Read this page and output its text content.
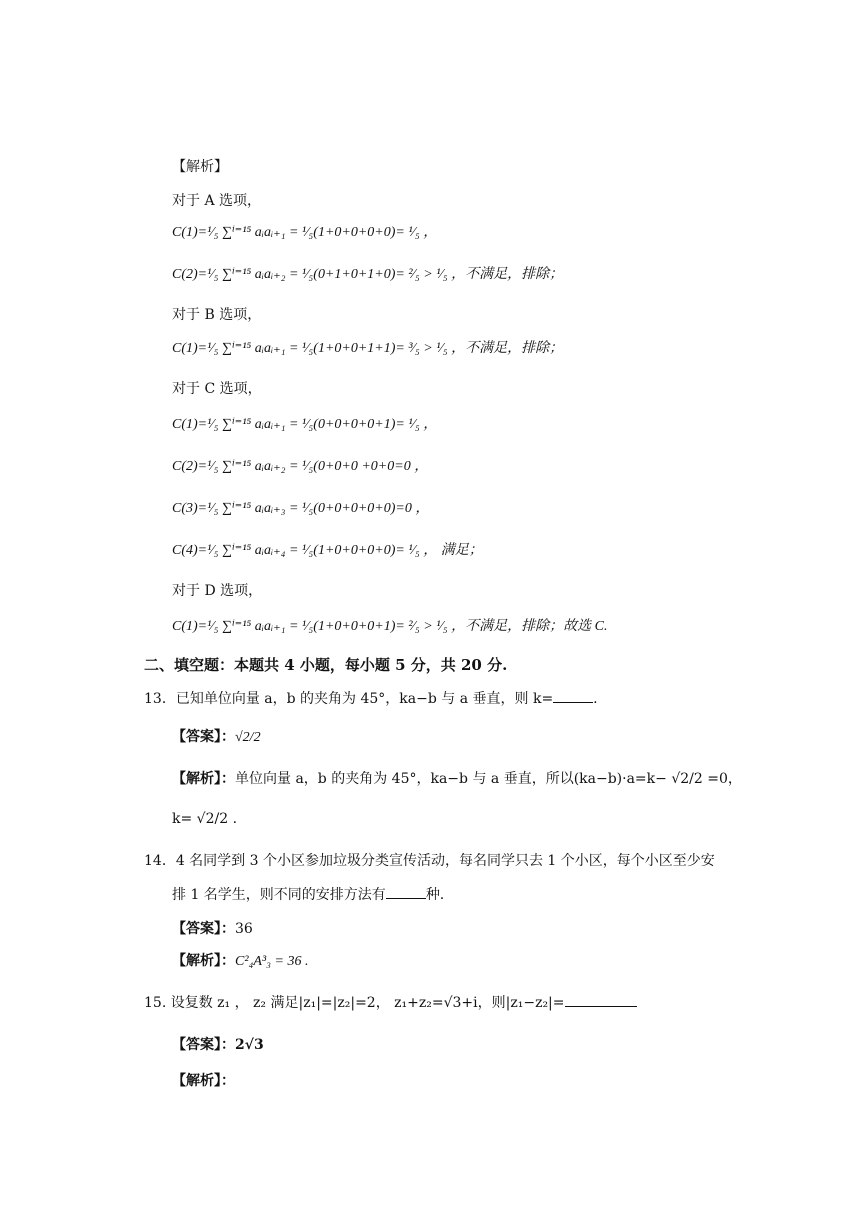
【解析】
对于 A 选项，
C(1)=¹⁄₅ ∑ⁱ⁼¹⁵ aᵢaᵢ₊₁ = ¹⁄₅(1+0+0+0+0)= ¹⁄₅ ，
C(2)=¹⁄₅ ∑ⁱ⁼¹⁵ aᵢaᵢ₊₂ = ¹⁄₅(0+1+0+1+0)= ²⁄₅ > ¹⁄₅ ，不满足，排除；
对于 B 选项，
C(1)=¹⁄₅ ∑ⁱ⁼¹⁵ aᵢaᵢ₊₁ = ¹⁄₅(1+0+0+1+1)= ³⁄₅ > ¹⁄₅ ，不满足，排除；
对于 C 选项，
C(1)=¹⁄₅ ∑ⁱ⁼¹⁵ aᵢaᵢ₊₁ = ¹⁄₅(0+0+0+0+1)= ¹⁄₅ ，
C(2)=¹⁄₅ ∑ⁱ⁼¹⁵ aᵢaᵢ₊₂ = ¹⁄₅(0+0+0 +0+0=0 ，
C(3)=¹⁄₅ ∑ⁱ⁼¹⁵ aᵢaᵢ₊₃ = ¹⁄₅(0+0+0+0+0)=0 ，
C(4)=¹⁄₅ ∑ⁱ⁼¹⁵ aᵢaᵢ₊₄ = ¹⁄₅(1+0+0+0+0)= ¹⁄₅ ， 满足；
对于 D 选项，
C(1)=¹⁄₅ ∑ⁱ⁼¹⁵ aᵢaᵢ₊₁ = ¹⁄₅(1+0+0+0+1)= ²⁄₅ > ¹⁄₅ ，不满足，排除；故选 C.
二、填空题：本题共 4 小题，每小题 5 分，共 20 分.
13．已知单位向量 a，b 的夹角为 45°，ka−b 与 a 垂直，则 k=	.
【答案】：√2/2
【解析】：单位向量 a，b 的夹角为 45°，ka−b 与 a 垂直，所以(ka−b)·a=k− √2/2 =0，
k= √2/2 .
14．4 名同学到 3 个小区参加垃圾分类宣传活动，每名同学只去 1 个小区，每个小区至少安
排 1 名学生，则不同的安排方法有	种.
【答案】：36
【解析】：C²₄A³₃ = 36 .
15. 设复数 z₁ ， z₂ 满足|z₁|=|z₂|=2， z₁+z₂=√3+i，则|z₁−z₂|=
【答案】：2√3
【解析】：
